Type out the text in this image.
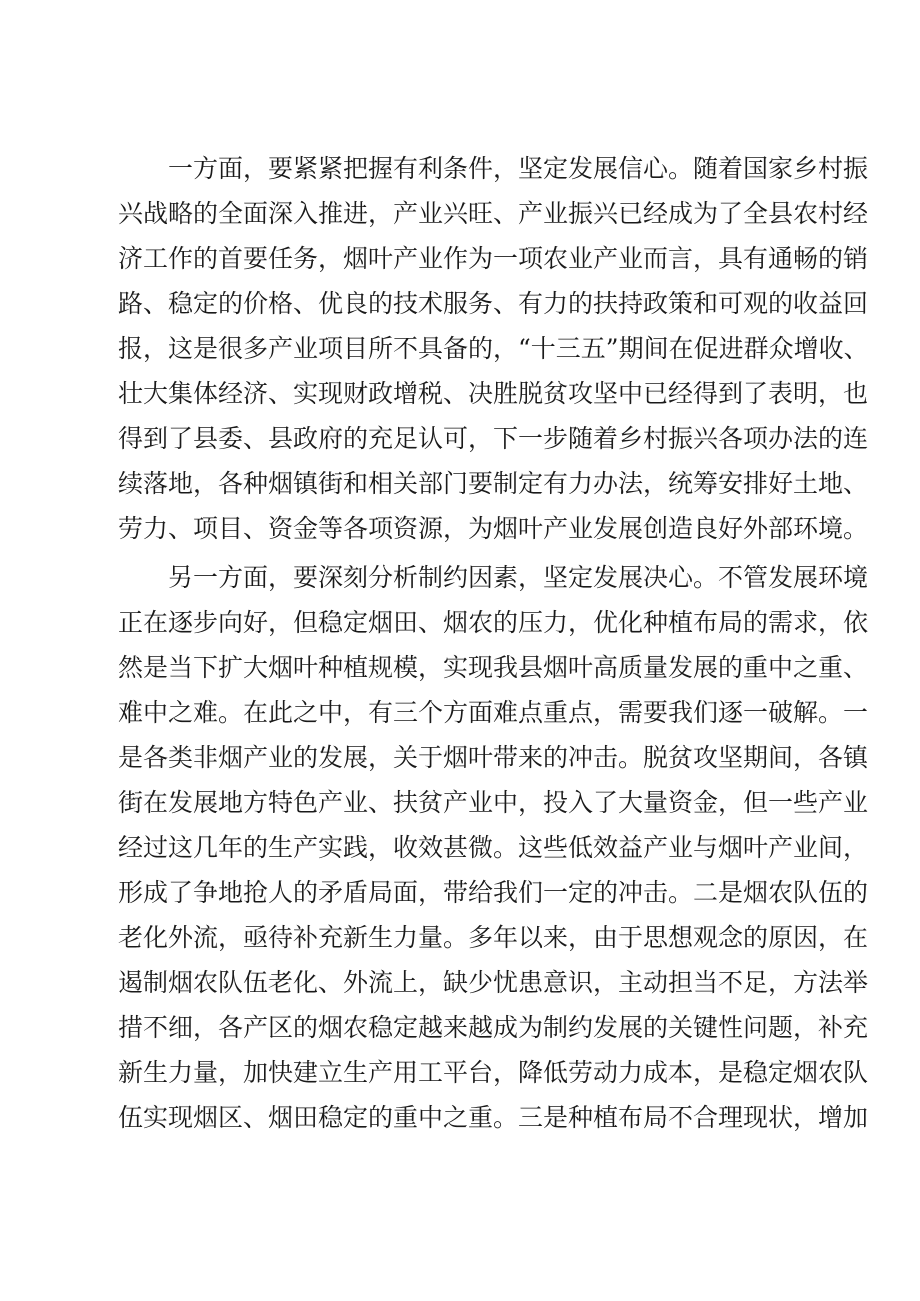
一方面，要紧紧把握有利条件，坚定发展信心。随着国家乡村振
兴战略的全面深入推进，产业兴旺、产业振兴已经成为了全县农村经
济工作的首要任务，烟叶产业作为一项农业产业而言，具有通畅的销
路、稳定的价格、优良的技术服务、有力的扶持政策和可观的收益回
报，这是很多产业项目所不具备的，“十三五”期间在促进群众增收、
壮大集体经济、实现财政增税、决胜脱贫攻坚中已经得到了表明，也
得到了县委、县政府的充足认可，下一步随着乡村振兴各项办法的连
续落地，各种烟镇街和相关部门要制定有力办法，统筹安排好土地、
劳力、项目、资金等各项资源，为烟叶产业发展创造良好外部环境。
另一方面，要深刻分析制约因素，坚定发展决心。不管发展环境
正在逐步向好，但稳定烟田、烟农的压力，优化种植布局的需求，依
然是当下扩大烟叶种植规模，实现我县烟叶高质量发展的重中之重、
难中之难。在此之中，有三个方面难点重点，需要我们逐一破解。一
是各类非烟产业的发展，关于烟叶带来的冲击。脱贫攻坚期间，各镇
街在发展地方特色产业、扶贫产业中，投入了大量资金，但一些产业
经过这几年的生产实践，收效甚微。这些低效益产业与烟叶产业间，
形成了争地抢人的矛盾局面，带给我们一定的冲击。二是烟农队伍的
老化外流，亟待补充新生力量。多年以来，由于思想观念的原因，在
遏制烟农队伍老化、外流上，缺少忧患意识，主动担当不足，方法举
措不细，各产区的烟农稳定越来越成为制约发展的关键性问题，补充
新生力量，加快建立生产用工平台，降低劳动力成本，是稳定烟农队
伍实现烟区、烟田稳定的重中之重。三是种植布局不合理现状，增加
